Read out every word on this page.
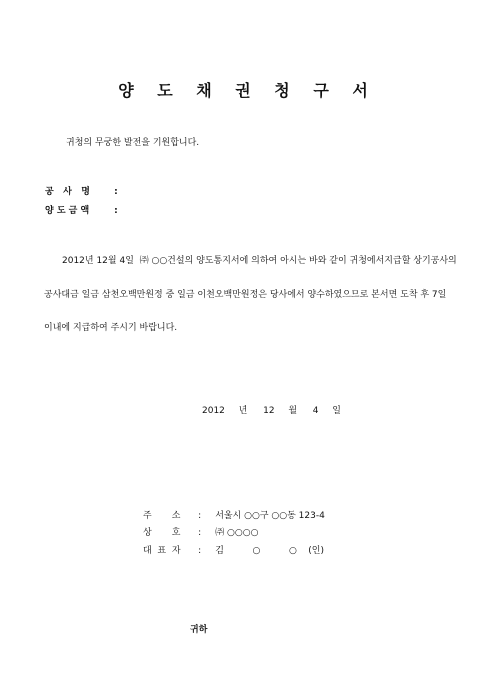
양 도 채 권 청 구 서
귀청의 무궁한 발전을 기원합니다.
공   사   명	:
양 도 금 액	:
2012년 12월 4일  ㈜ ○○건설의 양도통지서에 의하여 아시는 바와 같이 귀청에서지급할 상기공사의
공사대금 일금 삼천오백만원정 중 일금 이천오백만원정은 당사에서 양수하였으므로 본서면 도착 후 7일
이내에 지급하여 주시기 바랍니다.
2012 년 12 월 4 일
주       소 : 서울시 ○○구 ○○동 123-4
상       호 : ㈜ ○○○○
대  표  자 : 김          ○          ○    (인)
귀하
